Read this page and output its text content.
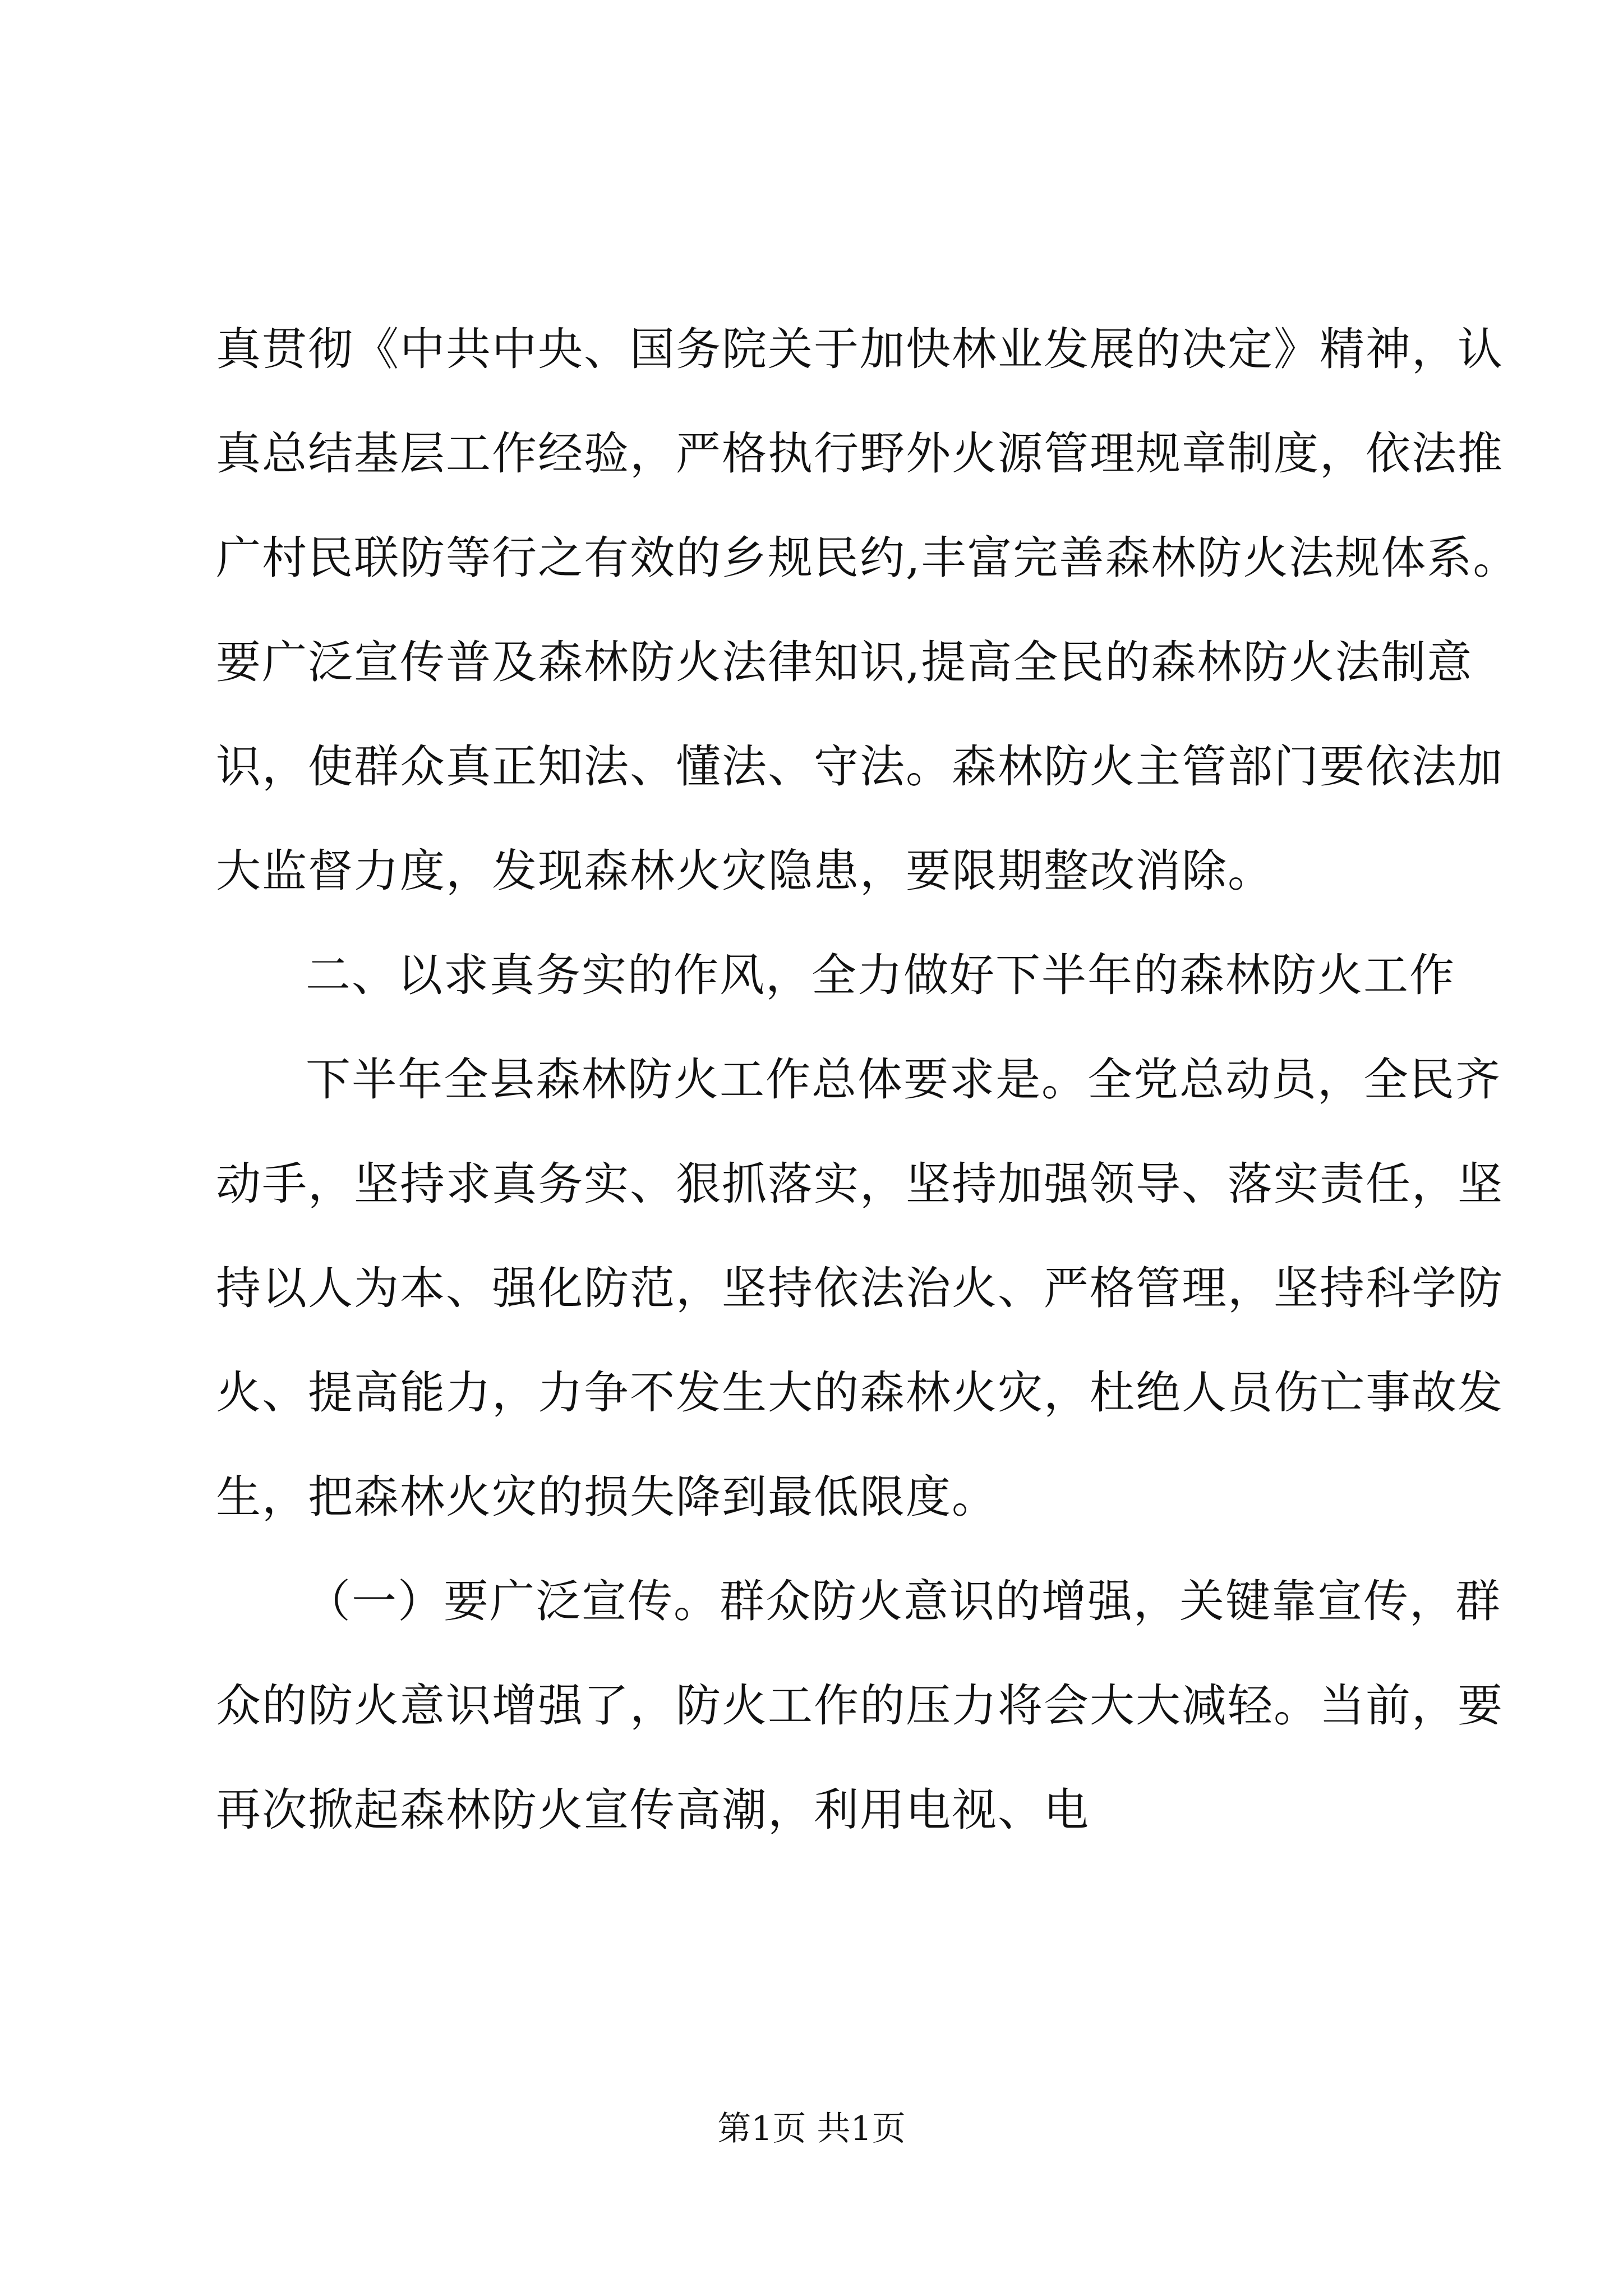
真贯彻《中共中央、国务院关于加快林业发展的决定》精神，认
真总结基层工作经验，严格执行野外火源管理规章制度，依法推
广村民联防等行之有效的乡规民约,丰富完善森林防火法规体系。
要广泛宣传普及森林防火法律知识,提高全民的森林防火法制意
识，使群众真正知法、懂法、守法。森林防火主管部门要依法加
大监督力度，发现森林火灾隐患，要限期整改消除。
二、以求真务实的作风，全力做好下半年的森林防火工作
下半年全县森林防火工作总体要求是。全党总动员，全民齐
动手，坚持求真务实、狠抓落实，坚持加强领导、落实责任，坚
持以人为本、强化防范，坚持依法治火、严格管理，坚持科学防
火、提高能力，力争不发生大的森林火灾，杜绝人员伤亡事故发
生，把森林火灾的损失降到最低限度。
（一）要广泛宣传。群众防火意识的增强，关键靠宣传，群
众的防火意识增强了，防火工作的压力将会大大减轻。当前，要
再次掀起森林防火宣传高潮，利用电视、电
第1页 共1页
